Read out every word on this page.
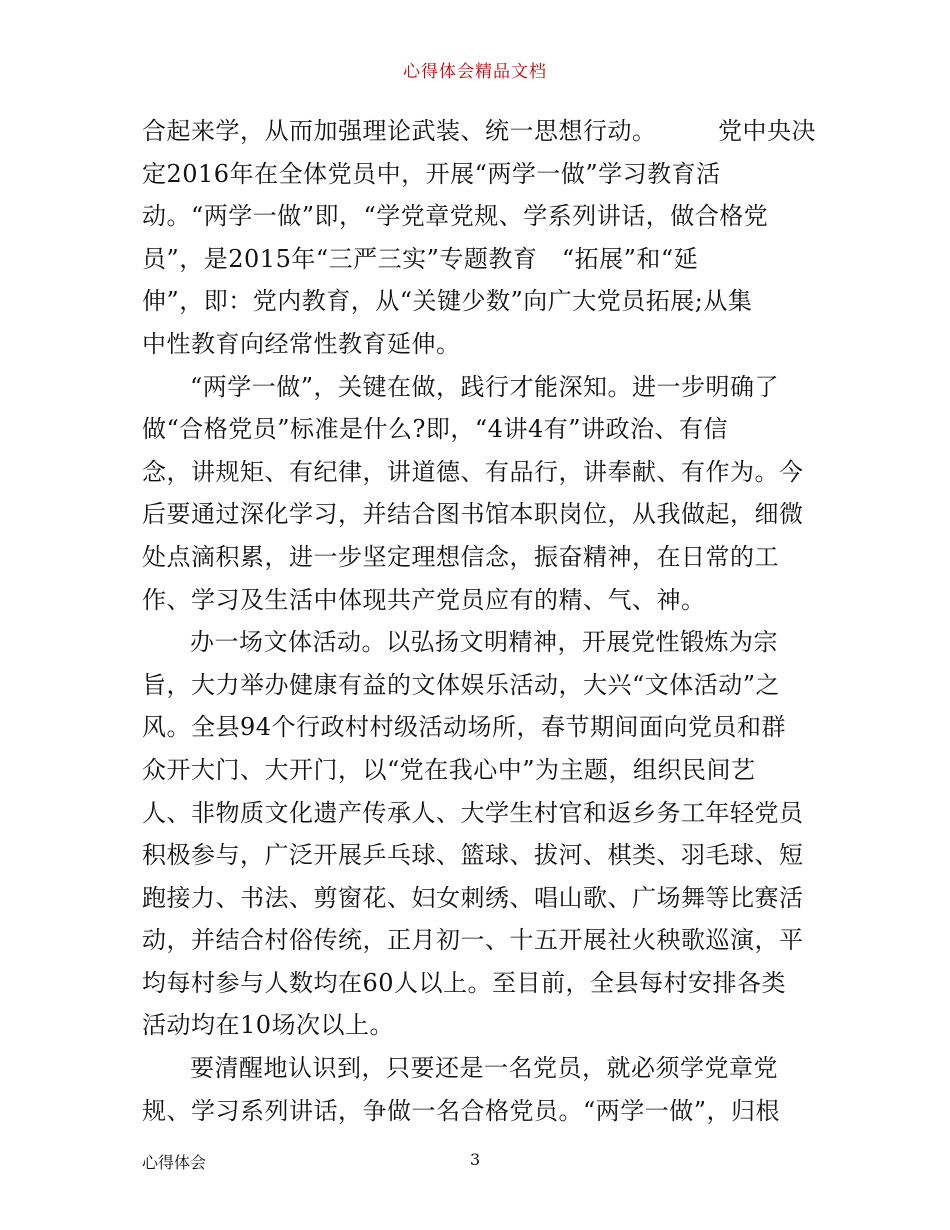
心得体会精品文档
合起来学，从而加强理论武装、统一思想行动。　　　党中央决
定2016年在全体党员中，开展“两学一做”学习教育活
动。“两学一做”即，“学党章党规、学系列讲话，做合格党
员”，是2015年“三严三实”专题教育　“拓展”和“延
伸”，即：党内教育，从“关键少数”向广大党员拓展;从集
中性教育向经常性教育延伸。
“两学一做”，关键在做，践行才能深知。进一步明确了
做“合格党员”标准是什么?即，“4讲4有”讲政治、有信
念，讲规矩、有纪律，讲道德、有品行，讲奉献、有作为。今
后要通过深化学习，并结合图书馆本职岗位，从我做起，细微
处点滴积累，进一步坚定理想信念，振奋精神，在日常的工
作、学习及生活中体现共产党员应有的精、气、神。
办一场文体活动。以弘扬文明精神，开展党性锻炼为宗
旨，大力举办健康有益的文体娱乐活动，大兴“文体活动”之
风。全县94个行政村村级活动场所，春节期间面向党员和群
众开大门、大开门，以“党在我心中”为主题，组织民间艺
人、非物质文化遗产传承人、大学生村官和返乡务工年轻党员
积极参与，广泛开展乒乓球、篮球、拔河、棋类、羽毛球、短
跑接力、书法、剪窗花、妇女刺绣、唱山歌、广场舞等比赛活
动，并结合村俗传统，正月初一、十五开展社火秧歌巡演，平
均每村参与人数均在60人以上。至目前，全县每村安排各类
活动均在10场次以上。
要清醒地认识到，只要还是一名党员，就必须学党章党
规、学习系列讲话，争做一名合格党员。“两学一做”，归根
心得体会	3
